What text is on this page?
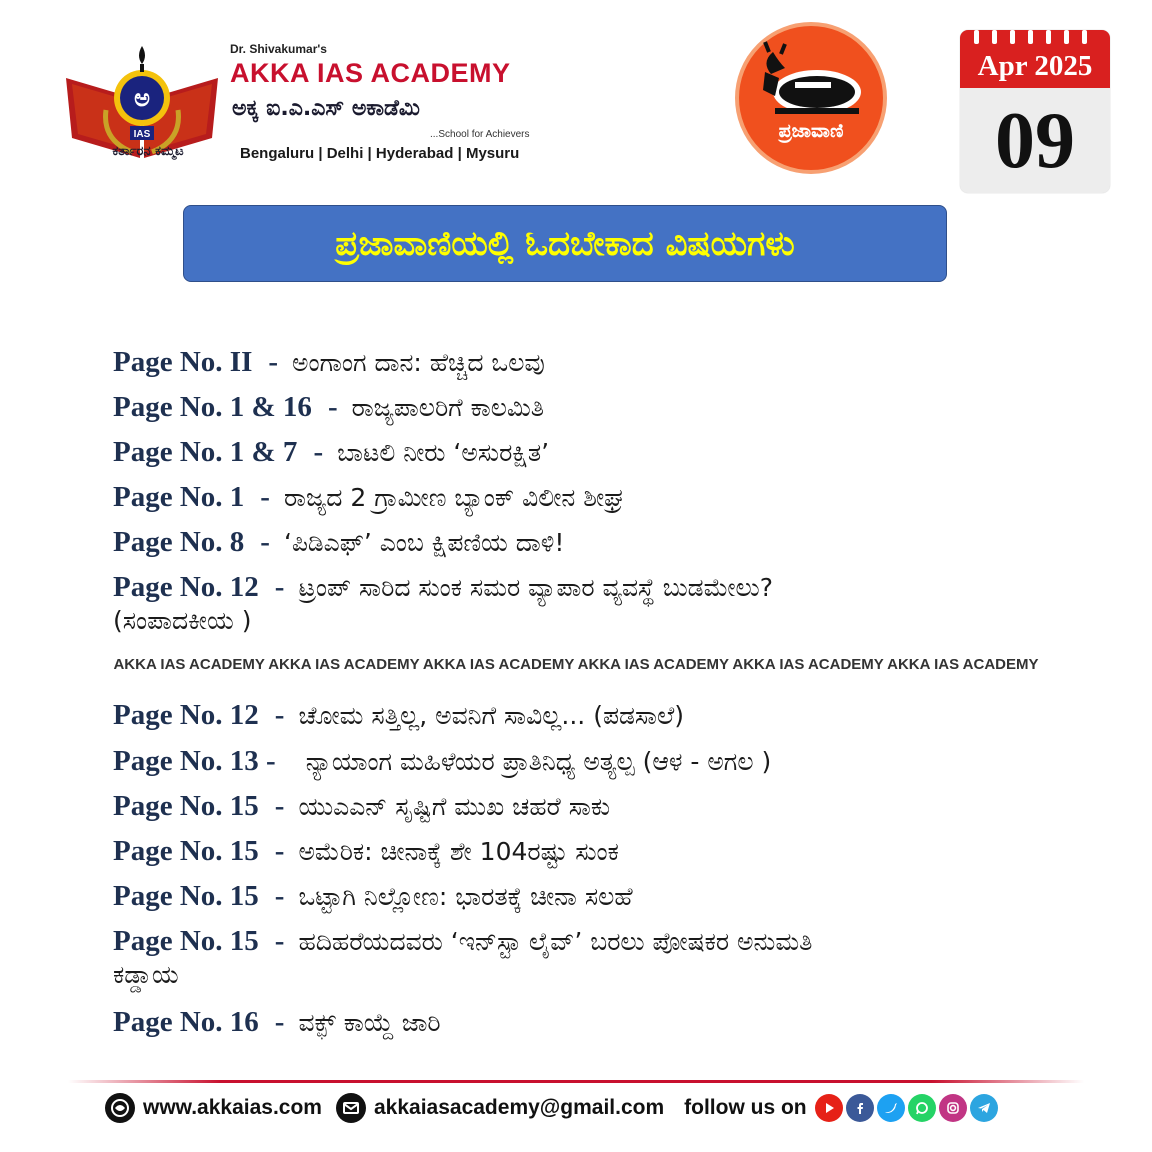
ಅ
IAS
ಕರ್ತಾರನ ಕಮ್ಮಟ
Dr. Shivakumar's
AKKA IAS ACADEMY
ಅಕ್ಕ ಐ.ಎ.ಎಸ್ ಅಕಾಡೆಮಿ
...School for Achievers
Bengaluru | Delhi | Hyderabad | Mysuru
ಪ್ರಜಾವಾಣಿ
Apr 2025
09
ಪ್ರಜಾವಾಣಿಯಲ್ಲಿ ಓದಬೇಕಾದ ವಿಷಯಗಳು
Page No. II - ಅಂಗಾಂಗ ದಾನ: ಹೆಚ್ಚಿದ ಒಲವು
Page No. 1 & 16 - ರಾಜ್ಯಪಾಲರಿಗೆ ಕಾಲಮಿತಿ
Page No. 1 & 7 - ಬಾಟಲಿ ನೀರು ‘ಅಸುರಕ್ಷಿತ’
Page No. 1 - ರಾಜ್ಯದ 2 ಗ್ರಾಮೀಣ ಬ್ಯಾಂಕ್ ವಿಲೀನ ಶೀಘ್ರ
Page No. 8 - ‘ಪಿಡಿಎಫ್’ ಎಂಬ ಕ್ಷಿಪಣಿಯ ದಾಳಿ!
Page No. 12 - ಟ್ರಂಪ್ ಸಾರಿದ ಸುಂಕ ಸಮರ ವ್ಯಾಪಾರ ವ್ಯವಸ್ಥೆ ಬುಡಮೇಲು?
(ಸಂಪಾದಕೀಯ )
Page No. 12 - ಚೋಮ ಸತ್ತಿಲ್ಲ, ಅವನಿಗೆ ಸಾವಿಲ್ಲ... (ಪಡಸಾಲೆ)
Page No. 13 - ನ್ಯಾಯಾಂಗ ಮಹಿಳೆಯರ ಪ್ರಾತಿನಿಧ್ಯ ಅತ್ಯಲ್ಪ (ಆಳ - ಅಗಲ )
Page No. 15 - ಯುಎಎನ್ ಸೃಷ್ಟಿಗೆ ಮುಖ ಚಹರೆ ಸಾಕು
Page No. 15 - ಅಮೆರಿಕ: ಚೀನಾಕ್ಕೆ ಶೇ 104ರಷ್ಟು ಸುಂಕ
Page No. 15 - ಒಟ್ಟಾಗಿ ನಿಲ್ಲೋಣ: ಭಾರತಕ್ಕೆ ಚೀನಾ ಸಲಹೆ
Page No. 15 - ಹದಿಹರೆಯದವರು ‘ಇನ್‌ಸ್ಟಾ ಲೈವ್’ ಬರಲು ಪೋಷಕರ ಅನುಮತಿ
ಕಡ್ಡಾಯ
Page No. 16 - ವಕ್ಫ್ ಕಾಯ್ದೆ ಜಾರಿ
AKKA IAS ACADEMY AKKA IAS ACADEMY AKKA IAS ACADEMY AKKA IAS ACADEMY AKKA IAS ACADEMY AKKA IAS ACADEMY
www.akkaias.com akkaiasacademy@gmail.com follow us on
